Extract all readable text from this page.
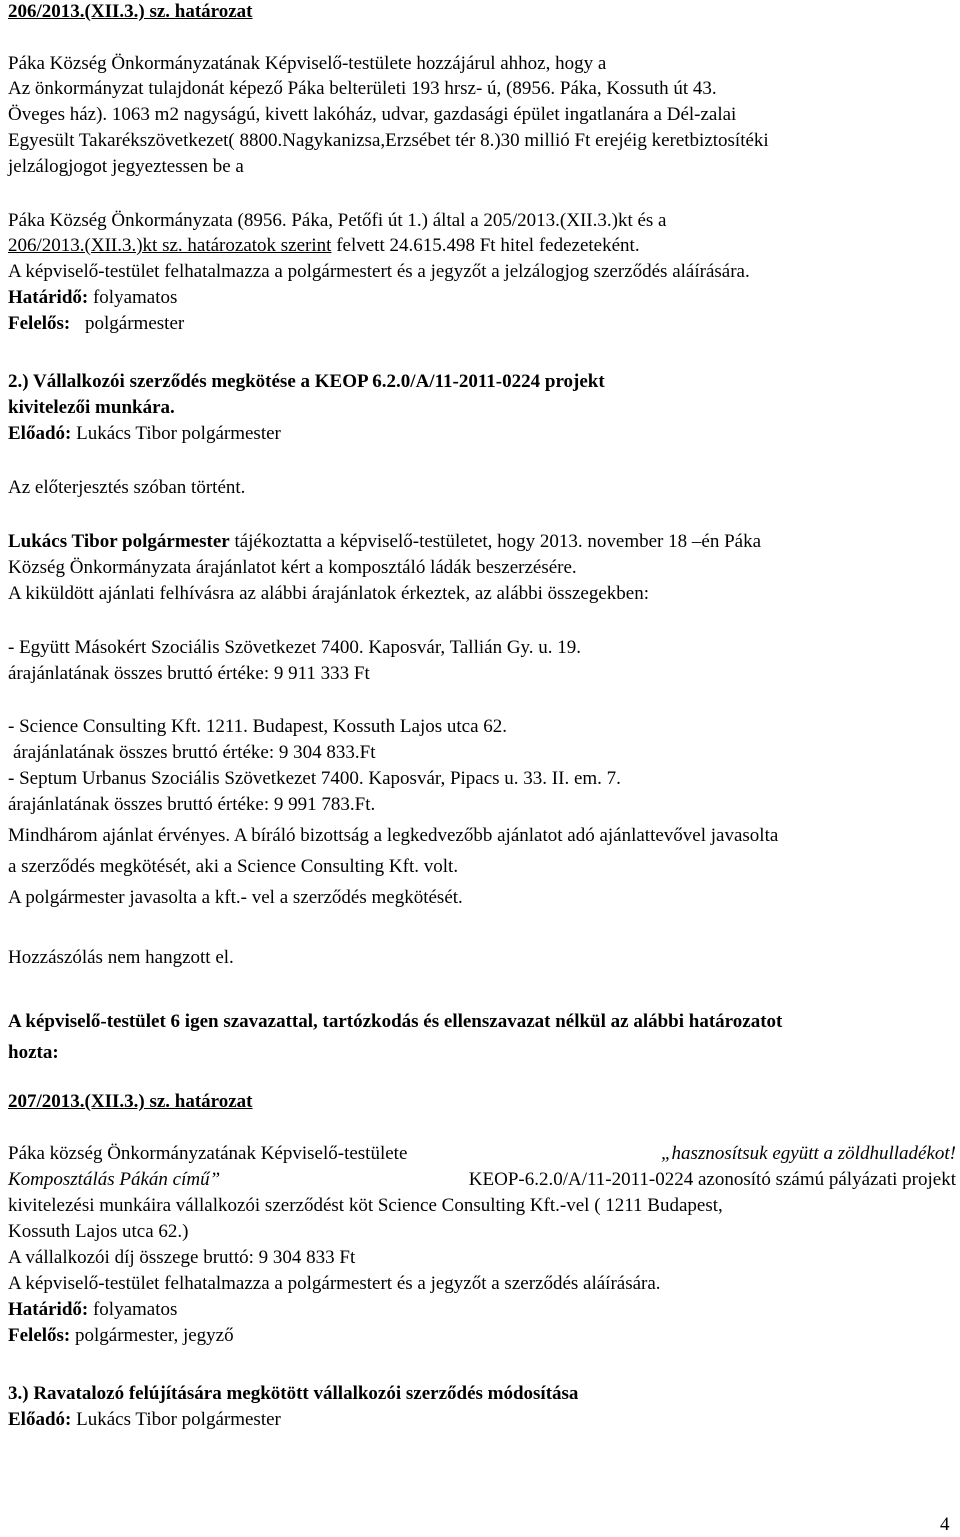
206/2013.(XII.3.) sz. határozat
Páka Község Önkormányzatának Képviselő-testülete hozzájárul ahhoz, hogy a
Az önkormányzat tulajdonát képező Páka belterületi 193 hrsz- ú, (8956. Páka, Kossuth út 43.
Öveges ház). 1063 m2 nagyságú, kivett lakóház, udvar, gazdasági épület ingatlanára a Dél-zalai
Egyesült Takarékszövetkezet( 8800.Nagykanizsa,Erzsébet tér 8.)30 millió Ft erejéig keretbiztosítéki
jelzálogjogot jegyeztessen be a
Páka Község Önkormányzata (8956. Páka, Petőfi út 1.) által a 205/2013.(XII.3.)kt és a
206/2013.(XII.3.)kt sz. határozatok szerint felvett 24.615.498 Ft hitel fedezeteként.
A képviselő-testület felhatalmazza a polgármestert és a jegyzőt a jelzálogjog szerződés aláírására.
Határidő: folyamatos
Felelős: polgármester
2.) Vállalkozói szerződés megkötése a KEOP 6.2.0/A/11-2011-0224 projekt
kivitelezői munkára.
Előadó: Lukács Tibor polgármester
Az előterjesztés szóban történt.
Lukács Tibor polgármester tájékoztatta a képviselő-testületet, hogy 2013. november 18 –én Páka
Község Önkormányzata árajánlatot kért a komposztáló ládák beszerzésére.
A kiküldött ajánlati felhívásra az alábbi árajánlatok érkeztek, az alábbi összegekben:
- Együtt Másokért Szociális Szövetkezet 7400. Kaposvár, Tallián Gy. u. 19.
árajánlatának összes bruttó értéke: 9 911 333 Ft
- Science Consulting Kft. 1211. Budapest, Kossuth Lajos utca 62.
árajánlatának összes bruttó értéke: 9 304 833.Ft
- Septum Urbanus Szociális Szövetkezet 7400. Kaposvár, Pipacs u. 33. II. em. 7.
árajánlatának összes bruttó értéke: 9 991 783.Ft.
Mindhárom ajánlat érvényes. A bíráló bizottság a legkedvezőbb ajánlatot adó ajánlattevővel javasolta
a szerződés megkötését, aki a Science Consulting Kft. volt.
A polgármester javasolta a kft.- vel a szerződés megkötését.
Hozzászólás nem hangzott el.
A képviselő-testület 6 igen szavazattal, tartózkodás és ellenszavazat nélkül az alábbi határozatot
hozta:
207/2013.(XII.3.) sz. határozat
Páka község Önkormányzatának Képviselő-testülete	„hasznosítsuk együtt a zöldhulladékot!
Komposztálás Pákán című”	KEOP-6.2.0/A/11-2011-0224 azonosító számú pályázati projekt
kivitelezési munkáira vállalkozói szerződést köt Science Consulting Kft.-vel ( 1211 Budapest,
Kossuth Lajos utca 62.)
A vállalkozói díj összege bruttó: 9 304 833 Ft
A képviselő-testület felhatalmazza a polgármestert és a jegyzőt a szerződés aláírására.
Határidő: folyamatos
Felelős: polgármester, jegyző
3.) Ravatalozó felújítására megkötött vállalkozói szerződés módosítása
Előadó: Lukács Tibor polgármester
4
